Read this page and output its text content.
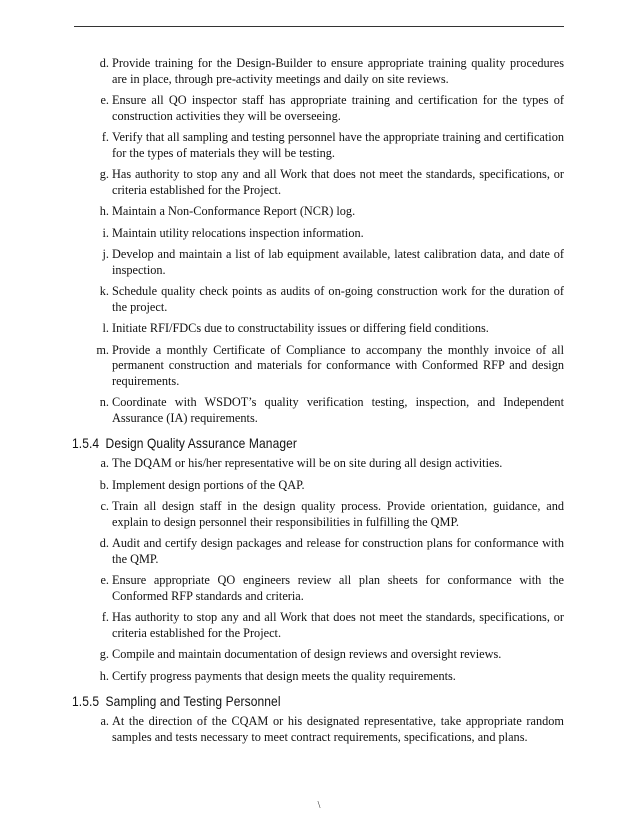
d. Provide training for the Design-Builder to ensure appropriate training quality procedures are in place, through pre-activity meetings and daily on site reviews.
e. Ensure all QO inspector staff has appropriate training and certification for the types of construction activities they will be overseeing.
f. Verify that all sampling and testing personnel have the appropriate training and certification for the types of materials they will be testing.
g. Has authority to stop any and all Work that does not meet the standards, specifications, or criteria established for the Project.
h. Maintain a Non-Conformance Report (NCR) log.
i. Maintain utility relocations inspection information.
j. Develop and maintain a list of lab equipment available, latest calibration data, and date of inspection.
k. Schedule quality check points as audits of on-going construction work for the duration of the project.
l. Initiate RFI/FDCs due to constructability issues or differing field conditions.
m. Provide a monthly Certificate of Compliance to accompany the monthly invoice of all permanent construction and materials for conformance with Conformed RFP and design requirements.
n. Coordinate with WSDOT’s quality verification testing, inspection, and Independent Assurance (IA) requirements.
1.5.4 Design Quality Assurance Manager
a. The DQAM or his/her representative will be on site during all design activities.
b. Implement design portions of the QAP.
c. Train all design staff in the design quality process. Provide orientation, guidance, and explain to design personnel their responsibilities in fulfilling the QMP.
d. Audit and certify design packages and release for construction plans for conformance with the QMP.
e. Ensure appropriate QO engineers review all plan sheets for conformance with the Conformed RFP standards and criteria.
f. Has authority to stop any and all Work that does not meet the standards, specifications, or criteria established for the Project.
g. Compile and maintain documentation of design reviews and oversight reviews.
h. Certify progress payments that design meets the quality requirements.
1.5.5 Sampling and Testing Personnel
a. At the direction of the CQAM or his designated representative, take appropriate random samples and tests necessary to meet contract requirements, specifications, and plans.
\
